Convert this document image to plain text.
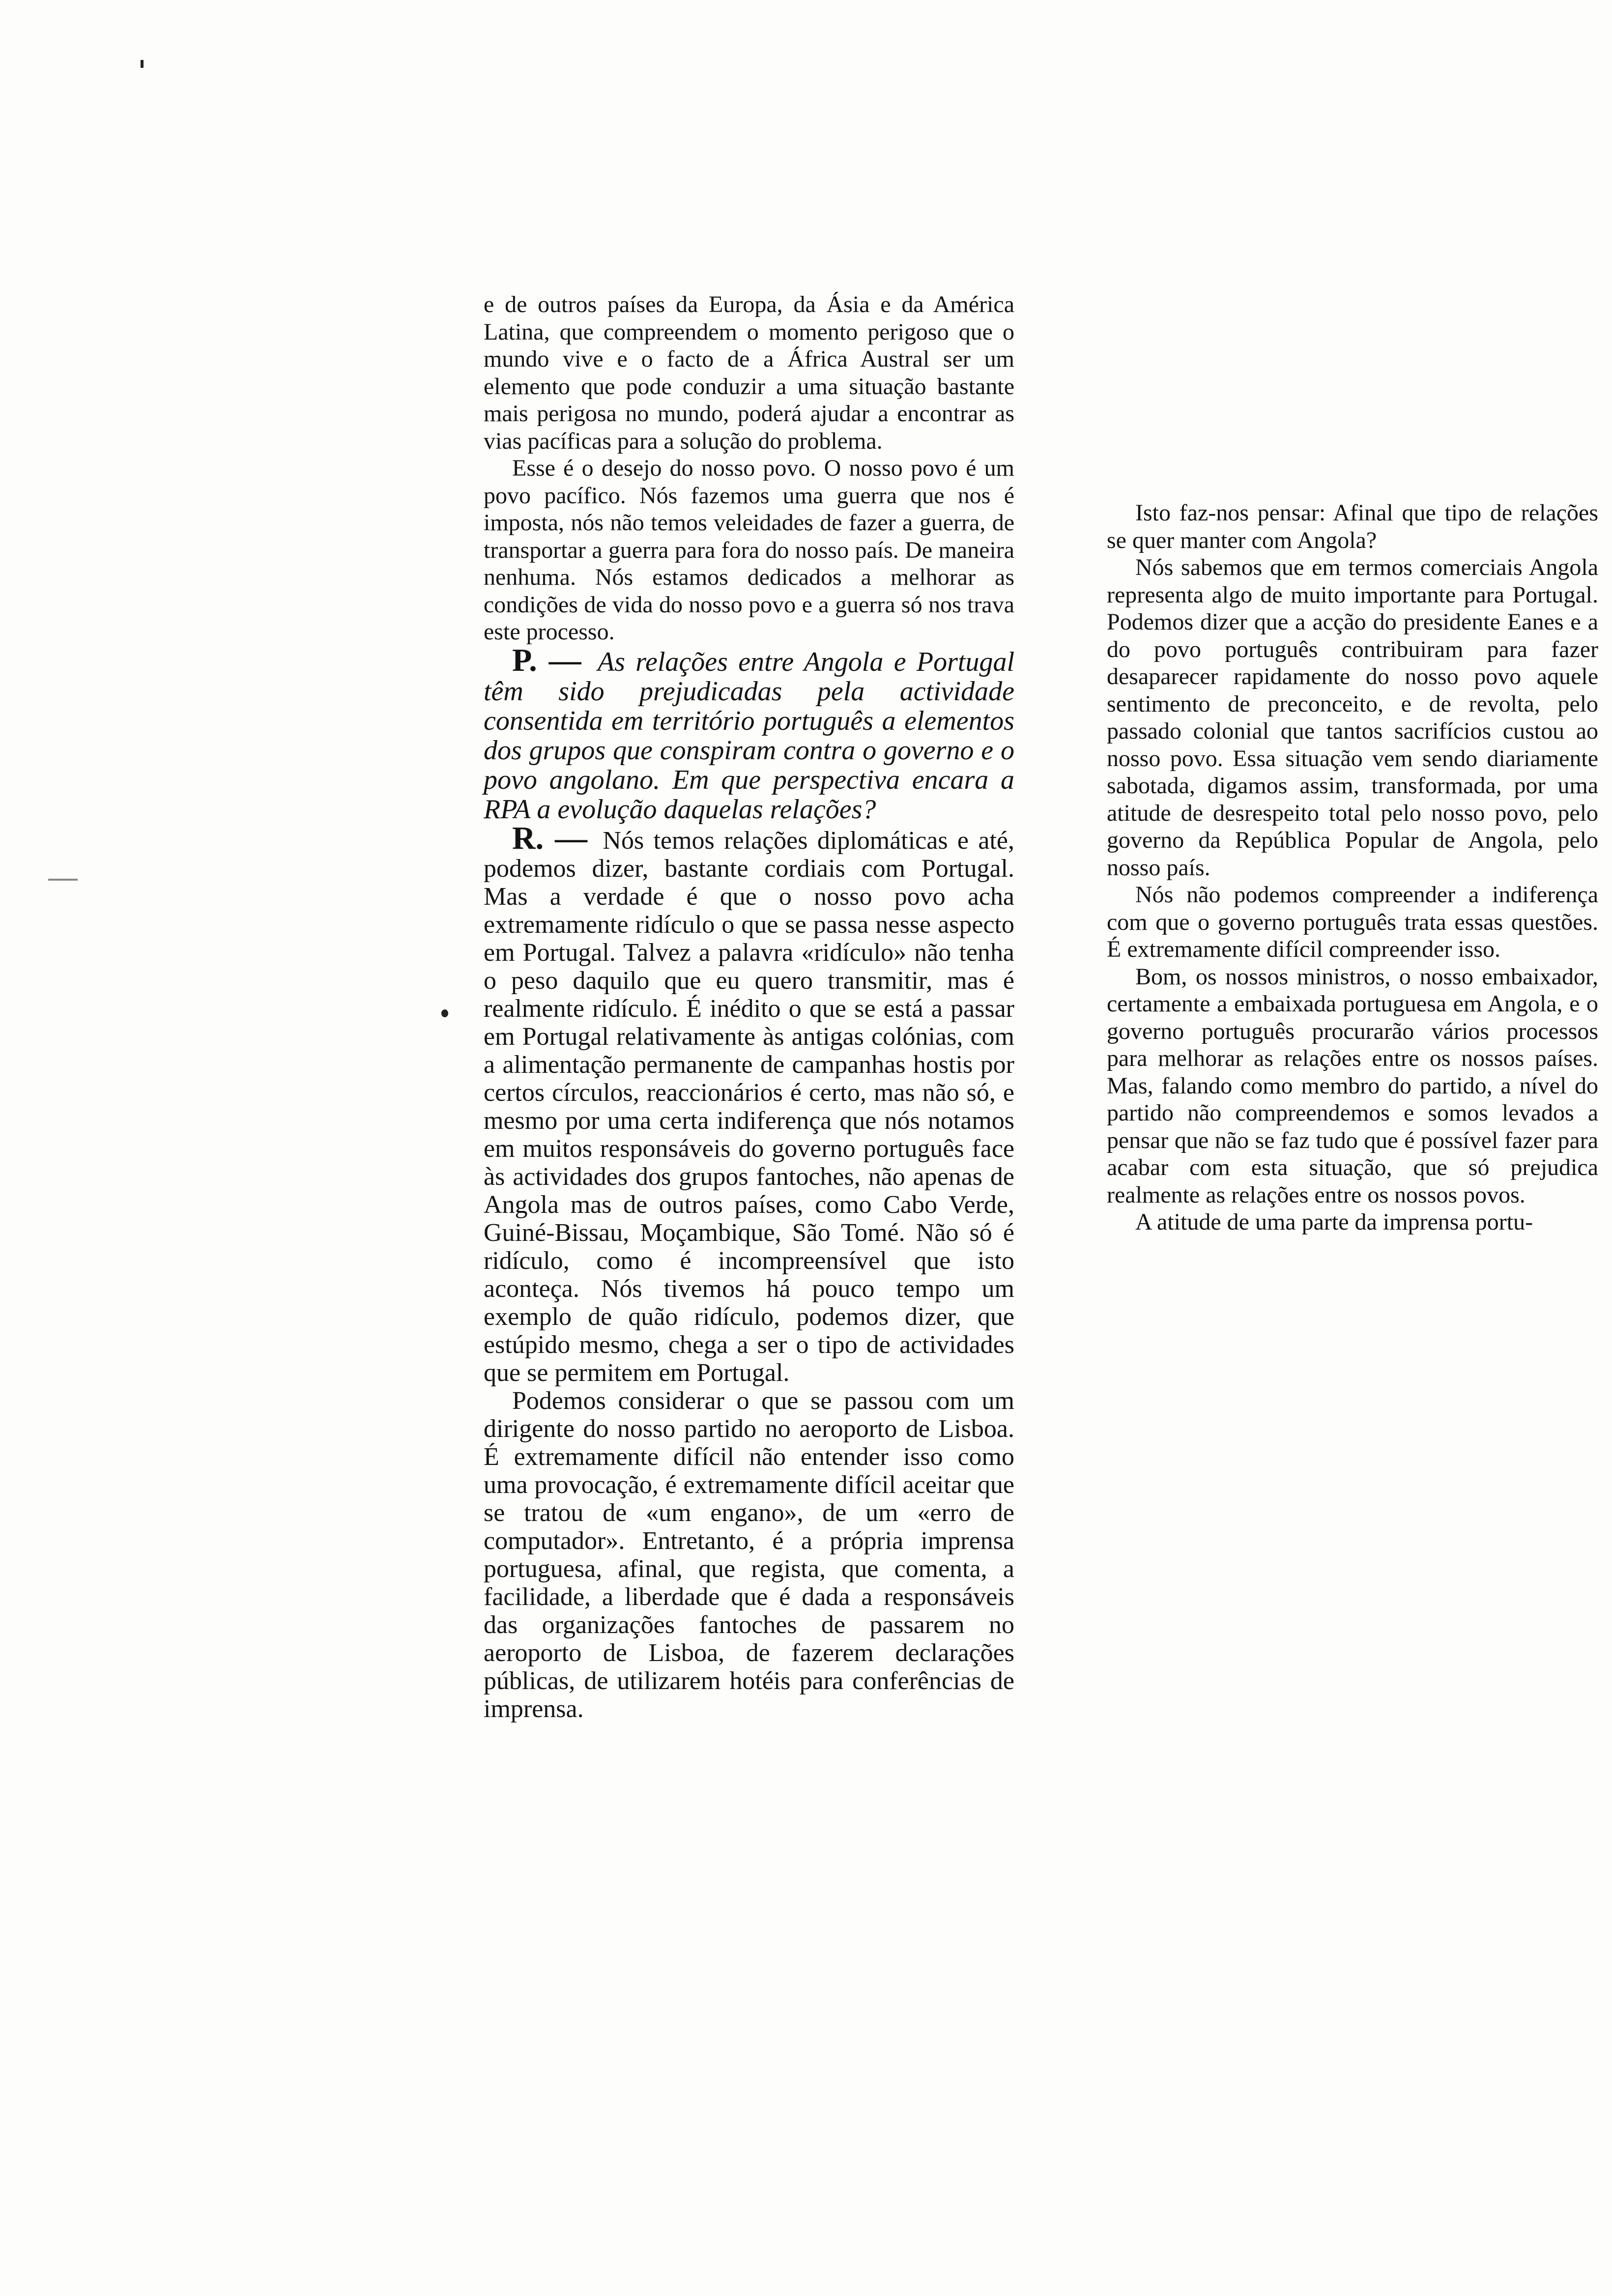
e de outros países da Europa, da Ásia e da América Latina, que compreendem o momento perigoso que o mundo vive e o facto de a África Austral ser um elemento que pode conduzir a uma situação bastante mais perigosa no mundo, poderá ajudar a encontrar as vias pacíficas para a solução do problema.

Esse é o desejo do nosso povo. O nosso povo é um povo pacífico. Nós fazemos uma guerra que nos é imposta, nós não temos veleidades de fazer a guerra, de transportar a guerra para fora do nosso país. De maneira nenhuma. Nós estamos dedicados a melhorar as condições de vida do nosso povo e a guerra só nos trava este processo.

P. — As relações entre Angola e Portugal têm sido prejudicadas pela actividade consentida em território português a elementos dos grupos que conspiram contra o governo e o povo angolano. Em que perspectiva encara a RPA a evolução daquelas relações?

R. — Nós temos relações diplomáticas e até, podemos dizer, bastante cordiais com Portugal. Mas a verdade é que o nosso povo acha extremamente ridículo o que se passa nesse aspecto em Portugal. Talvez a palavra «ridículo» não tenha o peso daquilo que eu quero transmitir, mas é realmente ridículo. É inédito o que se está a passar em Portugal relativamente às antigas colónias, com a alimentação permanente de campanhas hostis por certos círculos, reaccionários é certo, mas não só, e mesmo por uma certa indiferença que nós notamos em muitos responsáveis do governo português face às actividades dos grupos fantoches, não apenas de Angola mas de outros países, como Cabo Verde, Guiné-Bissau, Moçambique, São Tomé. Não só é ridículo, como é incompreensível que isto aconteça. Nós tivemos há pouco tempo um exemplo de quão ridículo, podemos dizer, que estúpido mesmo, chega a ser o tipo de actividades que se permitem em Portugal.

Podemos considerar o que se passou com um dirigente do nosso partido no aeroporto de Lisboa. É extremamente difícil não entender isso como uma provocação, é extremamente difícil aceitar que se tratou de «um engano», de um «erro de computador». Entretanto, é a própria imprensa portuguesa, afinal, que regista, que comenta, a facilidade, a liberdade que é dada a responsáveis das organizações fantoches de passarem no aeroporto de Lisboa, de fazerem declarações públicas, de utilizarem hotéis para conferências de imprensa.

Isto faz-nos pensar: Afinal que tipo de relações se quer manter com Angola?

Nós sabemos que em termos comerciais Angola representa algo de muito importante para Portugal. Podemos dizer que a acção do presidente Eanes e a do povo português contribuiram para fazer desaparecer rapidamente do nosso povo aquele sentimento de preconceito, e de revolta, pelo passado colonial que tantos sacrifícios custou ao nosso povo. Essa situação vem sendo diariamente sabotada, digamos assim, transformada, por uma atitude de desrespeito total pelo nosso povo, pelo governo da República Popular de Angola, pelo nosso país.

Nós não podemos compreender a indiferença com que o governo português trata essas questões. É extremamente difícil compreender isso.

Bom, os nossos ministros, o nosso embaixador, certamente a embaixada portuguesa em Angola, e o governo português procurarão vários processos para melhorar as relações entre os nossos países. Mas, falando como membro do partido, a nível do partido não compreendemos e somos levados a pensar que não se faz tudo que é possível fazer para acabar com esta situação, que só prejudica realmente as relações entre os nossos povos.

A atitude de uma parte da imprensa portu-
